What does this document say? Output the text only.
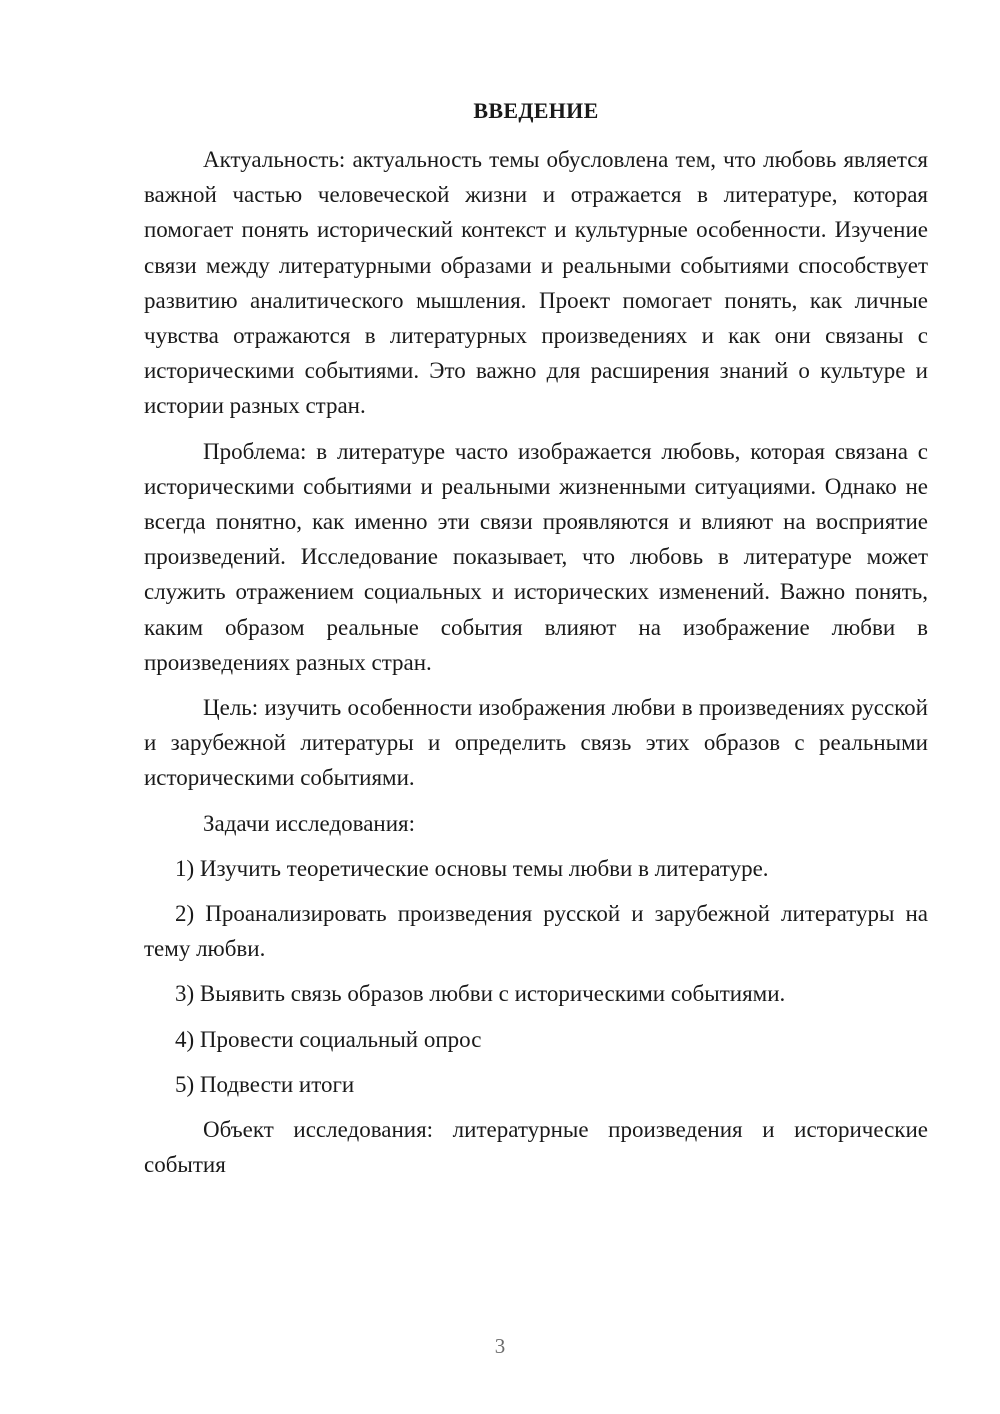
ВВЕДЕНИЕ

Актуальность: актуальность темы обусловлена тем, что любовь является важной частью человеческой жизни и отражается в литературе, которая помогает понять исторический контекст и культурные особенности. Изучение связи между литературными образами и реальными событиями способствует развитию аналитического мышления. Проект помогает понять, как личные чувства отражаются в литературных произведениях и как они связаны с историческими событиями. Это важно для расширения знаний о культуре и истории разных стран.

Проблема: в литературе часто изображается любовь, которая связана с историческими событиями и реальными жизненными ситуациями. Однако не всегда понятно, как именно эти связи проявляются и влияют на восприятие произведений. Исследование показывает, что любовь в литературе может служить отражением социальных и исторических изменений. Важно понять, каким образом реальные события влияют на изображение любви в произведениях разных стран.

Цель: изучить особенности изображения любви в произведениях русской и зарубежной литературы и определить связь этих образов с реальными историческими событиями.

Задачи исследования:

1) Изучить теоретические основы темы любви в литературе.

2) Проанализировать произведения русской и зарубежной литературы на тему любви.

3) Выявить связь образов любви с историческими событиями.

4) Провести социальный опрос

5) Подвести итоги

Объект исследования: литературные произведения и исторические события

3
